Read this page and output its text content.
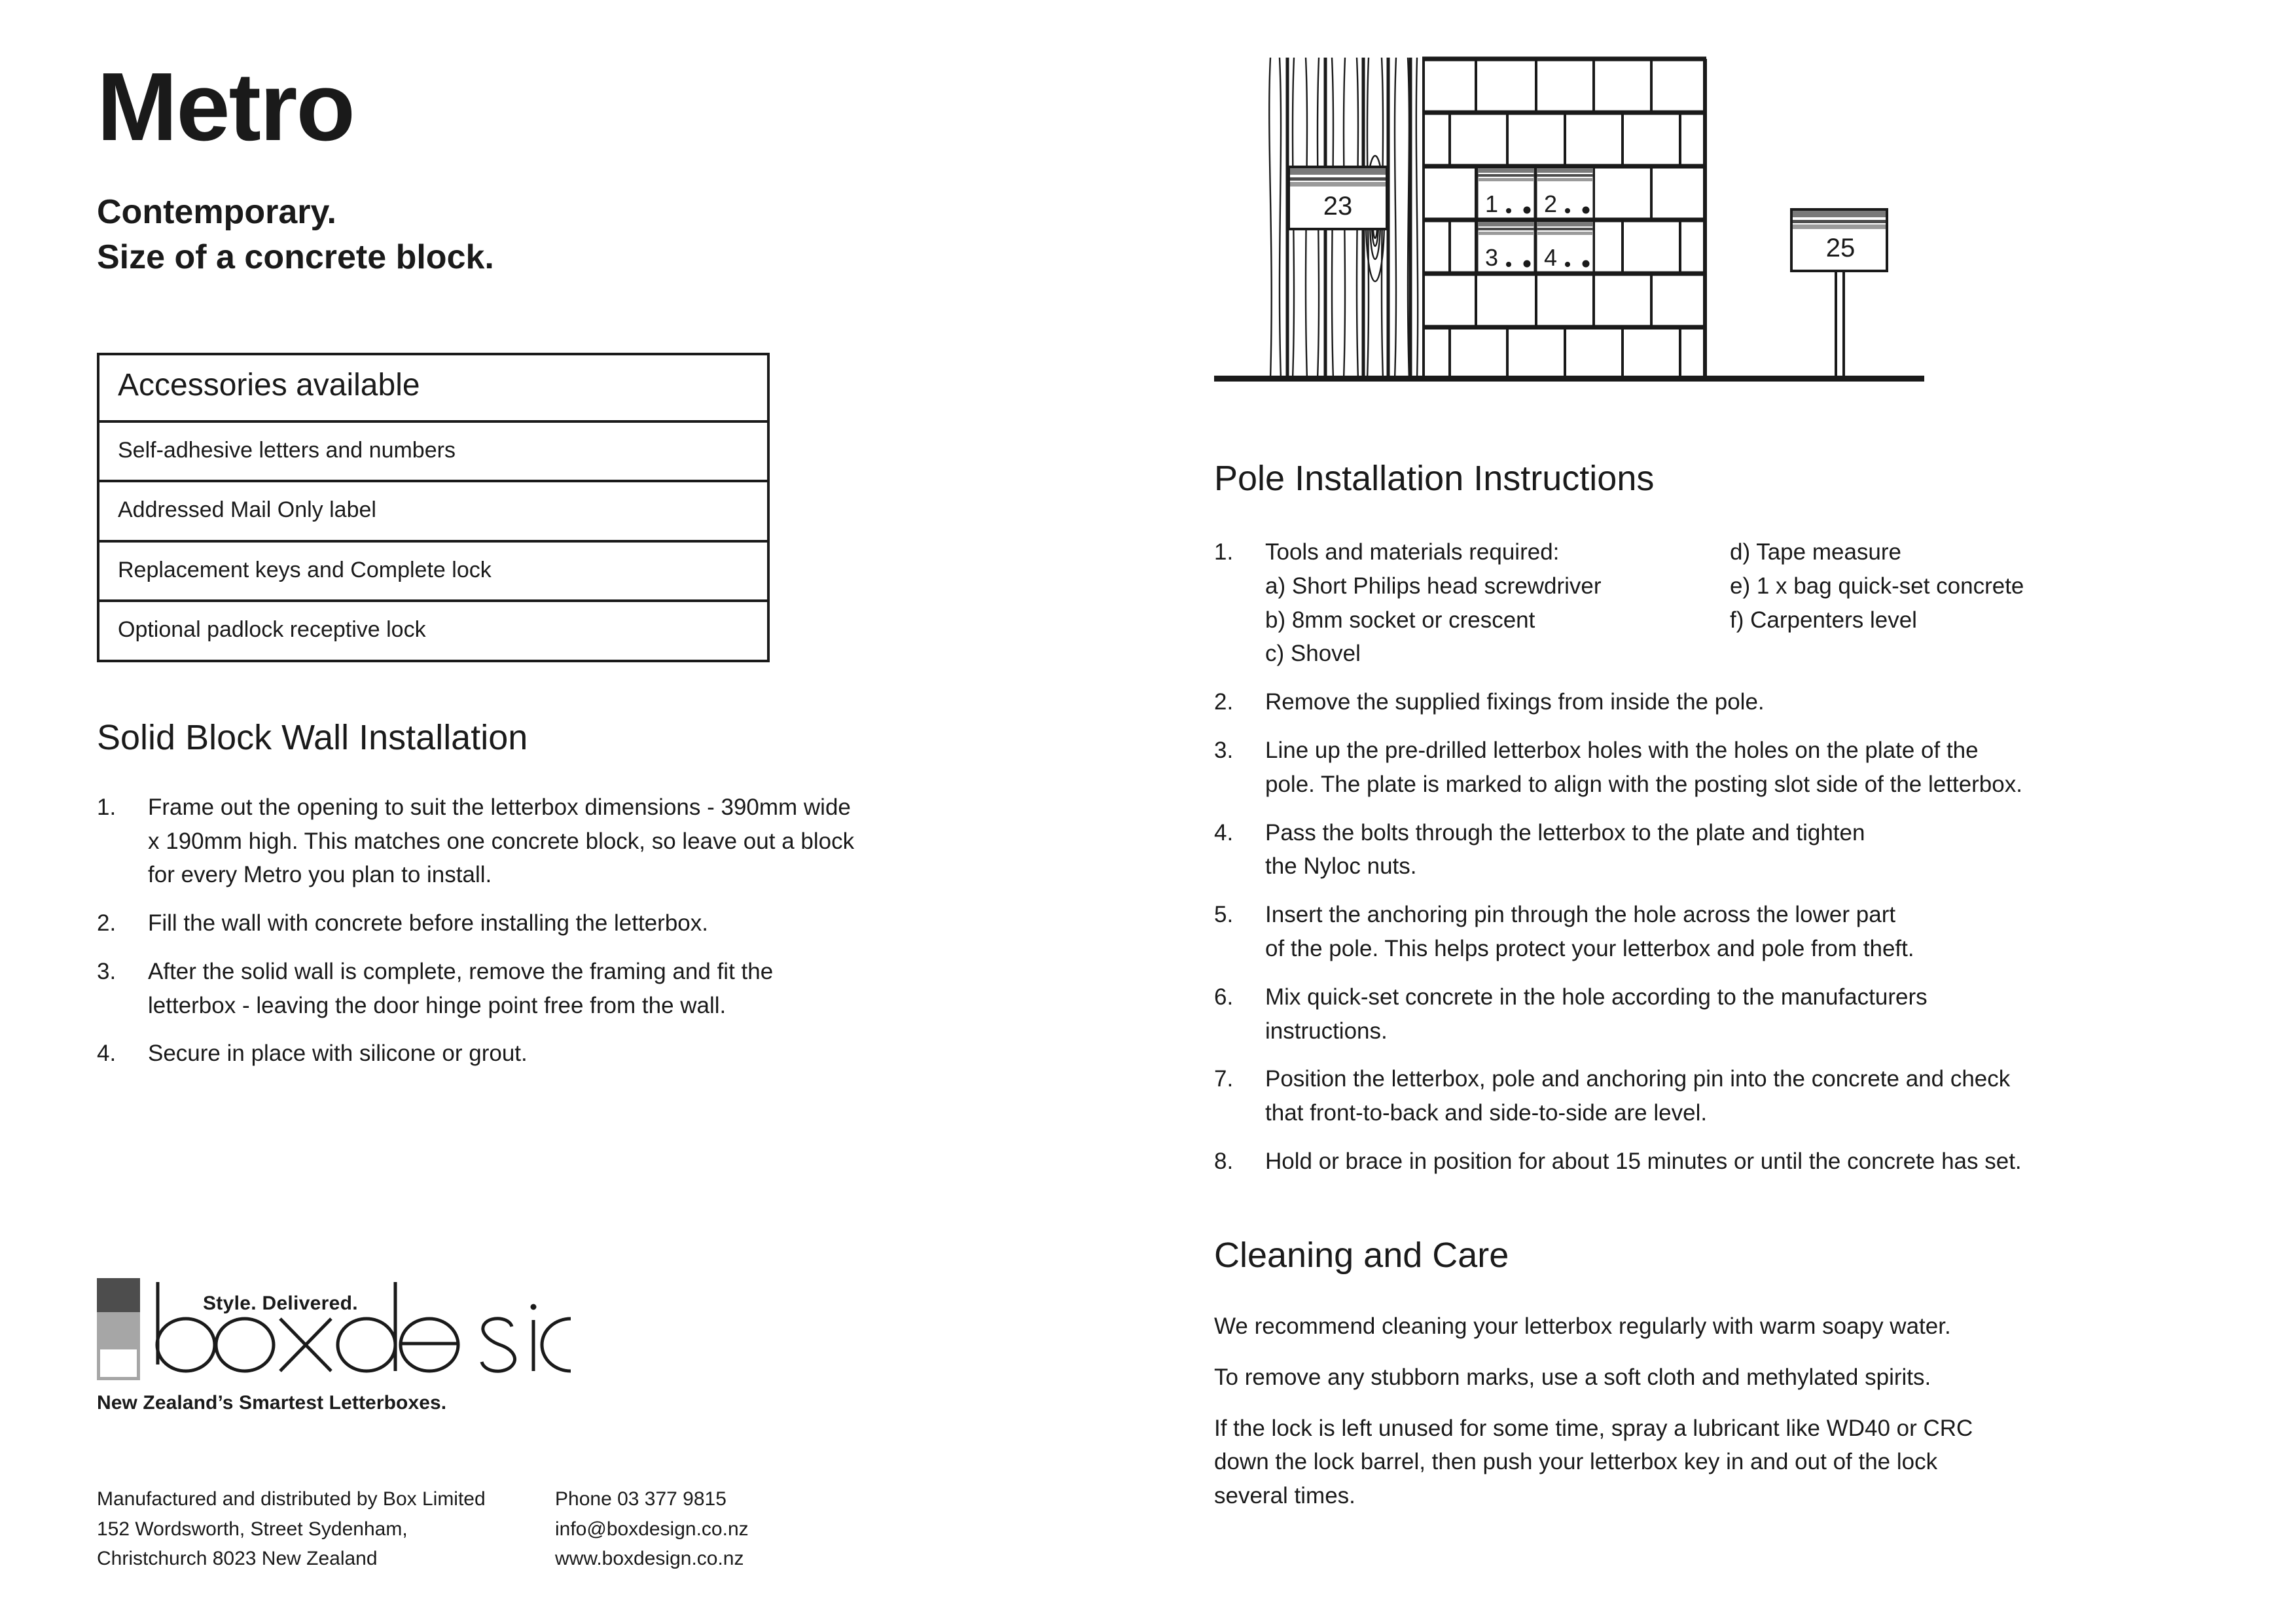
Metro
Contemporary.
Size of a concrete block.
Accessories available
Self-adhesive letters and numbers
Addressed Mail Only label
Replacement keys and Complete lock
Optional padlock receptive lock
Solid Block Wall Installation
1.	Frame out the opening to suit the letterbox dimensions - 390mm wide
x 190mm high. This matches one concrete block, so leave out a block
for every Metro you plan to install.
2.	Fill the wall with concrete before installing the letterbox.
3.	After the solid wall is complete, remove the framing and fit the
letterbox - leaving the door hinge point free from the wall.
4.	Secure in place with silicone or grout.
Style. Delivered.
New Zealand’s Smartest Letterboxes.
Manufactured and distributed by Box Limited
152 Wordsworth, Street Sydenham,
Christchurch 8023 New Zealand
Phone 03 377 9815
info@boxdesign.co.nz
www.boxdesign.co.nz
23	1 2
3 4	25
Pole Installation Instructions
1.	Tools and materials required:
a) Short Philips head screwdriver
b) 8mm socket or crescent
c) Shovel
d) Tape measure
e) 1 x bag quick-set concrete
f) Carpenters level
2.	Remove the supplied fixings from inside the pole.
3.	Line up the pre-drilled letterbox holes with the holes on the plate of the
pole. The plate is marked to align with the posting slot side of the letterbox.
4.	Pass the bolts through the letterbox to the plate and tighten
the Nyloc nuts.
5.	Insert the anchoring pin through the hole across the lower part
of the pole. This helps protect your letterbox and pole from theft.
6.	Mix quick-set concrete in the hole according to the manufacturers
instructions.
7.	Position the letterbox, pole and anchoring pin into the concrete and check
that front-to-back and side-to-side are level.
8.	Hold or brace in position for about 15 minutes or until the concrete has set.
Cleaning and Care
We recommend cleaning your letterbox regularly with warm soapy water.
To remove any stubborn marks, use a soft cloth and methylated spirits.
If the lock is left unused for some time, spray a lubricant like WD40 or CRC
down the lock barrel, then push your letterbox key in and out of the lock
several times.
